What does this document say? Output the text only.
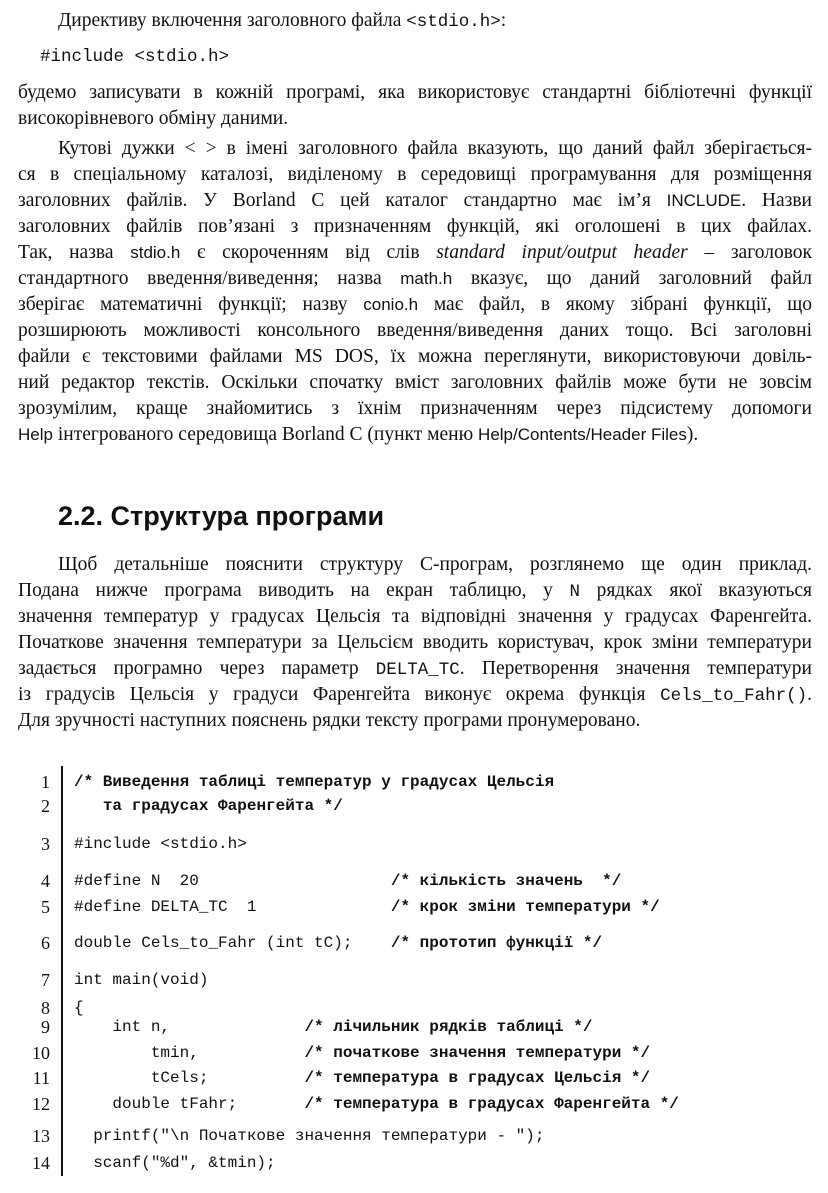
Директиву включення заголовного файла <stdio.h>:
#include <stdio.h>
будемо записувати в кожній програмі, яка використовує стандартні бібліотечні функції
високорівневого обміну даними.
Кутові дужки < > в імені заголовного файла вказують, що даний файл зберігається-
ся в спеціальному каталозі, виділеному в середовищі програмування для розміщення
заголовних файлів. У Borland C цей каталог стандартно має ім’я INCLUDE. Назви
заголовних файлів пов’язані з призначенням функцій, які оголошені в цих файлах.
Так, назва stdio.h є скороченням від слів standard input/output header – заголовок
стандартного введення/виведення; назва math.h вказує, що даний заголовний файл
зберігає математичні функції; назву conio.h має файл, в якому зібрані функції, що
розширюють можливості консольного введення/виведення даних тощо. Всі заголовні
файли є текстовими файлами MS DOS, їх можна переглянути, використовуючи довіль-
ний редактор текстів. Оскільки спочатку вміст заголовних файлів може бути не зовсім
зрозумілим, краще знайомитись з їхнім призначенням через підсистему допомоги
Help інтегрованого середовища Borland C (пункт меню Help/Contents/Header Files).
2.2. Структура програми
Щоб детальніше пояснити структуру С-програм, розглянемо ще один приклад.
Подана нижче програма виводить на екран таблицю, у N рядках якої вказуються
значення температур у градусах Цельсія та відповідні значення у градусах Фаренгейта.
Початкове значення температури за Цельсієм вводить користувач, крок зміни температури
задається програмно через параметр DELTA_TC. Перетворення значення температури
із градусів Цельсія у градуси Фаренгейта виконує окрема функція Cels_to_Fahr().
Для зручності наступних пояснень рядки тексту програми пронумеровано.
1 /* Виведення таблиці температур у градусах Цельсія
2	та градусах Фаренгейта */
3 #include <stdio.h>
4 #define N  20                    /* кількість значень  */
5 #define DELTA_TC  1              /* крок зміни температури */
6 double Cels_to_Fahr (int tC);    /* прототип функції */
7 int main(void)
8 {
9 int n,              /* лічильник рядків таблиці */
10 tmin,           /* початкове значення температури */
11 tCels;          /* температура в градусах Цельсія */
12 double tFahr;       /* температура в градусах Фаренгейта */
13 printf("\n Початкове значення температури - ");
14 scanf("%d", &tmin);
